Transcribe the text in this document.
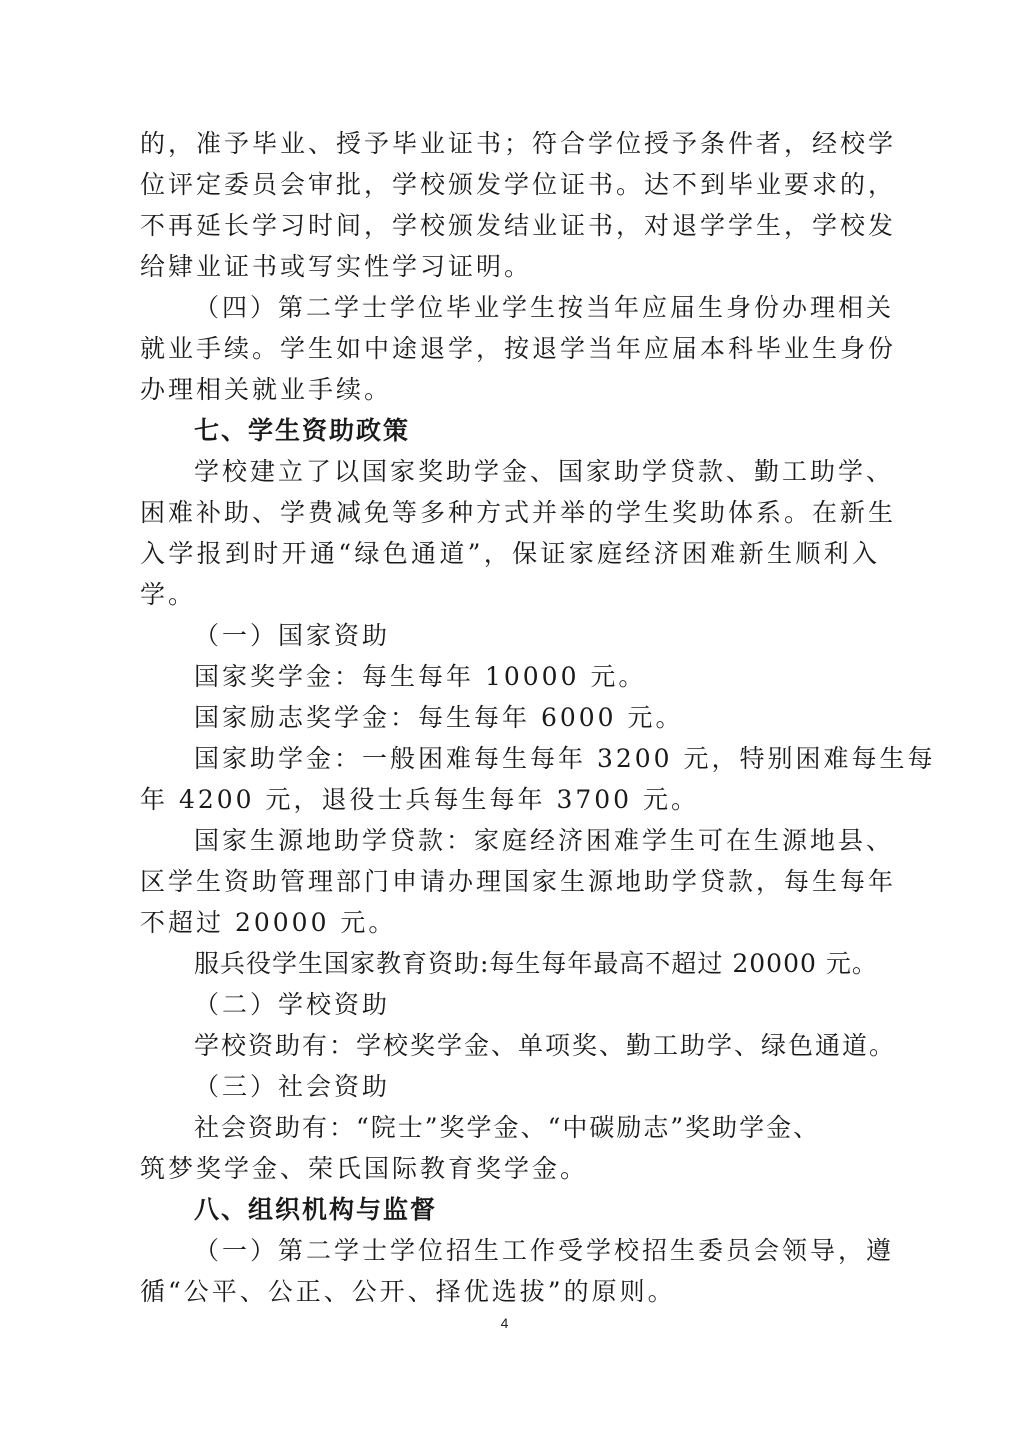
的，准予毕业、授予毕业证书；符合学位授予条件者，经校学
位评定委员会审批，学校颁发学位证书。达不到毕业要求的，
不再延长学习时间，学校颁发结业证书，对退学学生，学校发
给肄业证书或写实性学习证明。
（四）第二学士学位毕业学生按当年应届生身份办理相关
就业手续。学生如中途退学，按退学当年应届本科毕业生身份
办理相关就业手续。
七、学生资助政策
学校建立了以国家奖助学金、国家助学贷款、勤工助学、
困难补助、学费减免等多种方式并举的学生奖助体系。在新生
入学报到时开通“绿色通道”，保证家庭经济困难新生顺利入
学。
（一）国家资助
国家奖学金：每生每年 10000 元。
国家励志奖学金：每生每年 6000 元。
国家助学金：一般困难每生每年 3200 元，特别困难每生每
年 4200 元，退役士兵每生每年 3700 元。
国家生源地助学贷款：家庭经济困难学生可在生源地县、
区学生资助管理部门申请办理国家生源地助学贷款，每生每年
不超过 20000 元。
服兵役学生国家教育资助:每生每年最高不超过 20000 元。
（二）学校资助
学校资助有：学校奖学金、单项奖、勤工助学、绿色通道。
（三）社会资助
社会资助有：“院士”奖学金、“中碳励志”奖助学金、
筑梦奖学金、荣氏国际教育奖学金。
八、组织机构与监督
（一）第二学士学位招生工作受学校招生委员会领导，遵
循“公平、公正、公开、择优选拔”的原则。
4
